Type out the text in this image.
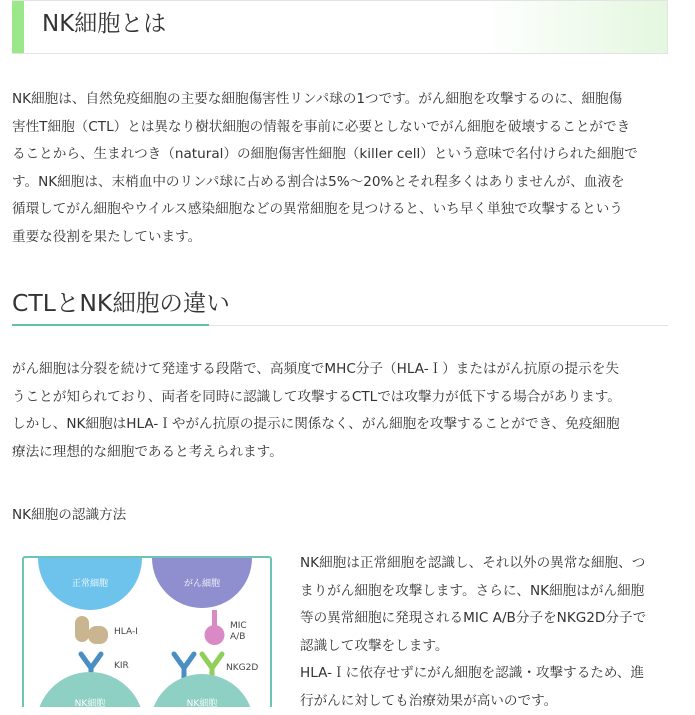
NK細胞とは
NK細胞は、自然免疫細胞の主要な細胞傷害性リンパ球の1つです。がん細胞を攻撃するのに、細胞傷
害性T細胞（CTL）とは異なり樹状細胞の情報を事前に必要としないでがん細胞を破壊することができ
ることから、生まれつき（natural）の細胞傷害性細胞（killer cell）という意味で名付けられた細胞で
す。NK細胞は、末梢血中のリンパ球に占める割合は5%～20%とそれ程多くはありませんが、血液を
循環してがん細胞やウイルス感染細胞などの異常細胞を見つけると、いち早く単独で攻撃するという
重要な役割を果たしています。
CTLとNK細胞の違い
がん細胞は分裂を続けて発達する段階で、高頻度でMHC分子（HLA-Ｉ）またはがん抗原の提示を失
うことが知られており、両者を同時に認識して攻撃するCTLでは攻撃力が低下する場合があります。
しかし、NK細胞はHLA-Ｉやがん抗原の提示に関係なく、がん細胞を攻撃することができ、免疫細胞
療法に理想的な細胞であると考えられます。
NK細胞の認識方法
正常細胞	がん細胞
HLA-I
MIC
A/B
KIR	NKG2D
NK細胞	NK細胞
NK細胞は正常細胞を認識し、それ以外の異常な細胞、つ
まりがん細胞を攻撃します。さらに、NK細胞はがん細胞
等の異常細胞に発現されるMIC A/B分子をNKG2D分子で
認識して攻撃をします。
HLA-Ｉに依存せずにがん細胞を認識・攻撃するため、進
行がんに対しても治療効果が高いのです。
